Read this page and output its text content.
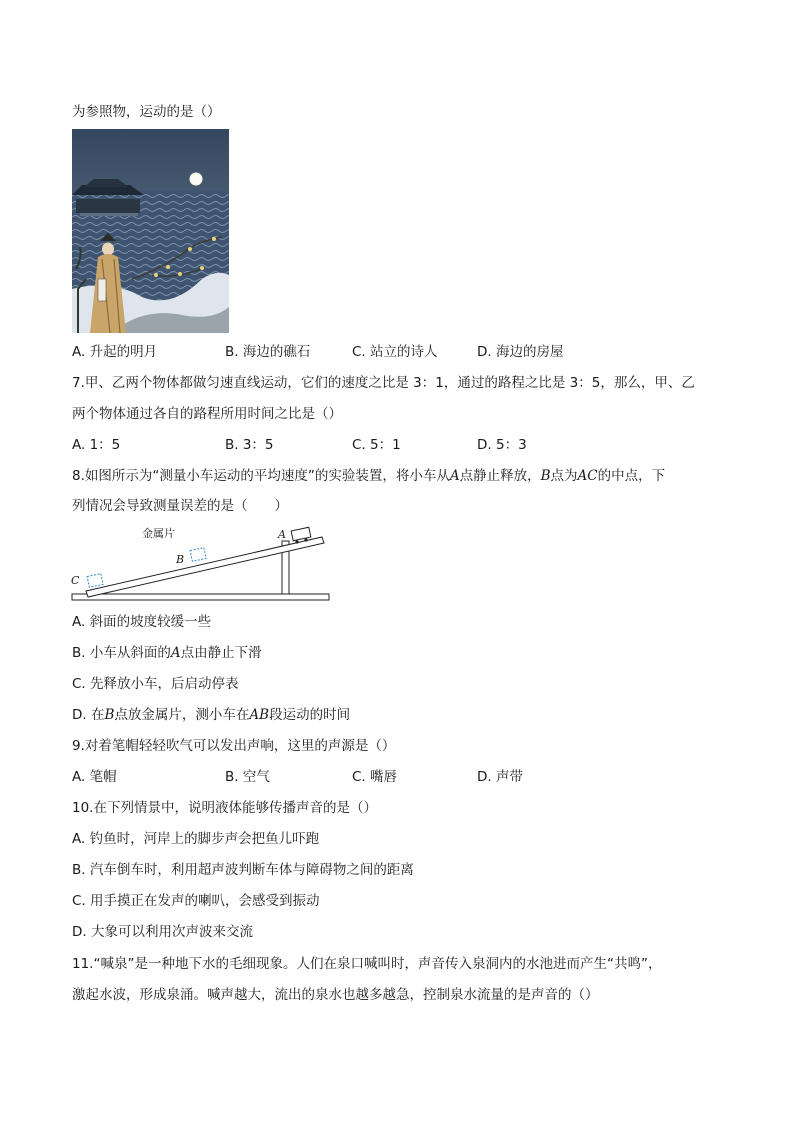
为参照物，运动的是（）
A. 升起的明月	B. 海边的礁石	C. 站立的诗人	D. 海边的房屋
7.甲、乙两个物体都做匀速直线运动，它们的速度之比是 3：1，通过的路程之比是 3：5，那么，甲、乙
两个物体通过各自的路程所用时间之比是（）
A. 1：5	B. 3：5	C. 5：1	D. 5：3
8.如图所示为“测量小车运动的平均速度”的实验装置，将小车从A点静止释放，B点为AC的中点，下
列情况会导致测量误差的是（　　）
金属片	A
B
C
A. 斜面的坡度较缓一些
B. 小车从斜面的A点由静止下滑
C. 先释放小车，后启动停表
D. 在B点放金属片，测小车在AB段运动的时间
9.对着笔帽轻轻吹气可以发出声响，这里的声源是（）
A. 笔帽	B. 空气	C. 嘴唇	D. 声带
10.在下列情景中，说明液体能够传播声音的是（）
A. 钓鱼时，河岸上的脚步声会把鱼儿吓跑
B. 汽车倒车时，利用超声波判断车体与障碍物之间的距离
C. 用手摸正在发声的喇叭，会感受到振动
D. 大象可以利用次声波来交流
11.“喊泉”是一种地下水的毛细现象。人们在泉口喊叫时，声音传入泉洞内的水池进而产生“共鸣”，
激起水波，形成泉涌。喊声越大，流出的泉水也越多越急，控制泉水流量的是声音的（）
